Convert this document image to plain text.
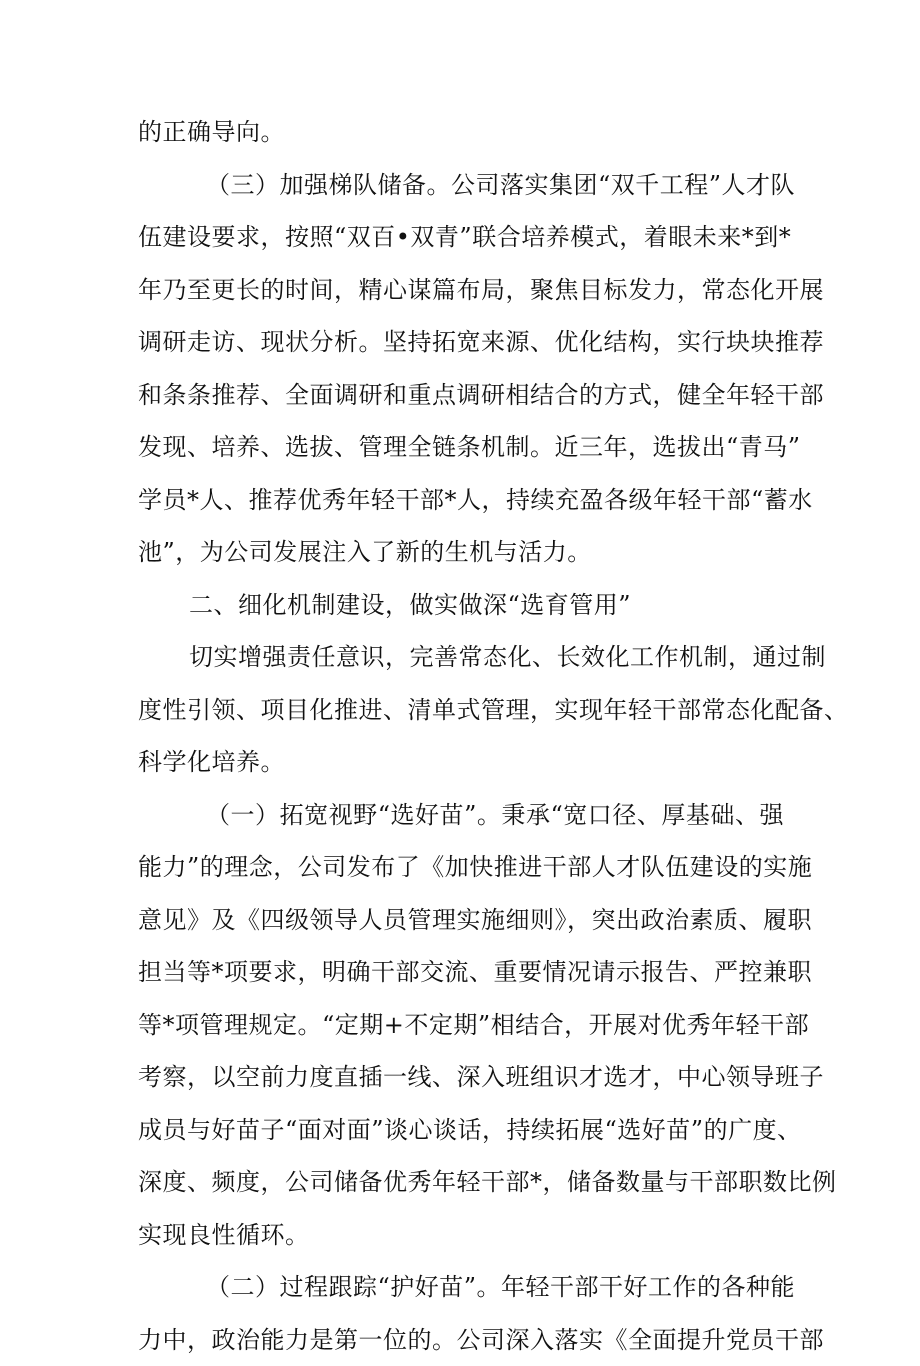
的正确导向。
（三）加强梯队储备。公司落实集团“双千工程”人才队
伍建设要求，按照“双百•双青”联合培养模式，着眼未来*到*
年乃至更长的时间，精心谋篇布局，聚焦目标发力，常态化开展
调研走访、现状分析。坚持拓宽来源、优化结构，实行块块推荐
和条条推荐、全面调研和重点调研相结合的方式，健全年轻干部
发现、培养、选拔、管理全链条机制。近三年，选拔出“青马”
学员*人、推荐优秀年轻干部*人，持续充盈各级年轻干部“蓄水
池”，为公司发展注入了新的生机与活力。
二、细化机制建设，做实做深“选育管用”
切实增强责任意识，完善常态化、长效化工作机制，通过制
度性引领、项目化推进、清单式管理，实现年轻干部常态化配备、
科学化培养。
（一）拓宽视野“选好苗”。秉承“宽口径、厚基础、强
能力”的理念，公司发布了《加快推进干部人才队伍建设的实施
意见》及《四级领导人员管理实施细则》，突出政治素质、履职
担当等*项要求，明确干部交流、重要情况请示报告、严控兼职
等*项管理规定。“定期+不定期”相结合，开展对优秀年轻干部
考察，以空前力度直插一线、深入班组识才选才，中心领导班子
成员与好苗子“面对面”谈心谈话，持续拓展“选好苗”的广度、
深度、频度，公司储备优秀年轻干部*，储备数量与干部职数比例
实现良性循环。
（二）过程跟踪“护好苗”。年轻干部干好工作的各种能
力中，政治能力是第一位的。公司深入落实《全面提升党员干部
